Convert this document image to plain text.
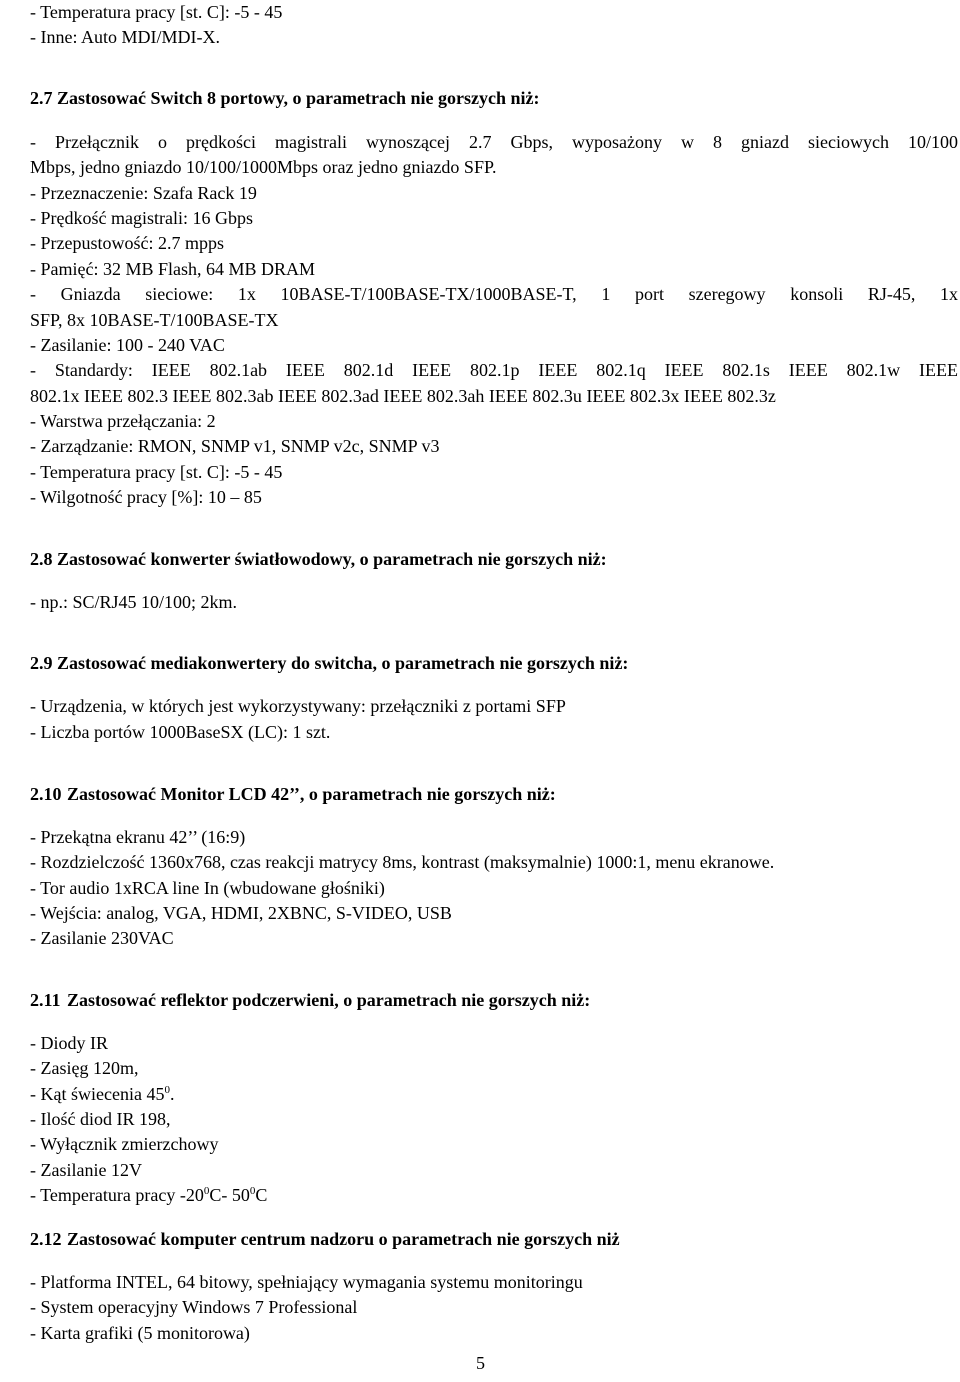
- Temperatura pracy [st. C]: -5 - 45
- Inne: Auto MDI/MDI-X.
2.7 Zastosować Switch 8 portowy, o parametrach nie gorszych niż:
- Przełącznik o prędkości magistrali wynoszącej 2.7 Gbps, wyposażony w 8 gniazd sieciowych 10/100
Mbps, jedno gniazdo 10/100/1000Mbps oraz jedno gniazdo SFP.
- Przeznaczenie: Szafa Rack 19
- Prędkość magistrali: 16 Gbps
- Przepustowość: 2.7 mpps
- Pamięć: 32 MB Flash, 64 MB DRAM
- Gniazda sieciowe: 1x 10BASE-T/100BASE-TX/1000BASE-T, 1 port szeregowy konsoli RJ-45, 1x
SFP, 8x 10BASE-T/100BASE-TX
- Zasilanie: 100 - 240 VAC
- Standardy: IEEE 802.1ab IEEE 802.1d IEEE 802.1p IEEE 802.1q IEEE 802.1s IEEE 802.1w IEEE
802.1x IEEE 802.3 IEEE 802.3ab IEEE 802.3ad IEEE 802.3ah IEEE 802.3u IEEE 802.3x IEEE 802.3z
- Warstwa przełączania: 2
- Zarządzanie: RMON, SNMP v1, SNMP v2c, SNMP v3
- Temperatura pracy [st. C]: -5 - 45
- Wilgotność pracy [%]: 10 – 85
2.8 Zastosować konwerter światłowodowy, o parametrach nie gorszych niż:
- np.: SC/RJ45 10/100; 2km.
2.9 Zastosować mediakonwertery do switcha, o parametrach nie gorszych niż:
- Urządzenia, w których jest wykorzystywany: przełączniki z portami SFP
- Liczba portów 1000BaseSX (LC): 1 szt.
2.10 Zastosować Monitor LCD 42’’, o parametrach nie gorszych niż:
- Przekątna ekranu 42’’ (16:9)
- Rozdzielczość 1360x768, czas reakcji matrycy 8ms, kontrast (maksymalnie) 1000:1, menu ekranowe.
- Tor audio 1xRCA line In (wbudowane głośniki)
- Wejścia: analog, VGA, HDMI, 2XBNC, S-VIDEO, USB
- Zasilanie 230VAC
2.11 Zastosować reflektor podczerwieni, o parametrach nie gorszych niż:
- Diody IR
- Zasięg 120m,
- Kąt świecenia $45^0$.
- Ilość diod IR 198,
- Wyłącznik zmierzchowy
- Zasilanie 12V
- Temperatura pracy $-20^0C-$ $50^0C$
2.12 Zastosować komputer centrum nadzoru o parametrach nie gorszych niż
- Platforma INTEL, 64 bitowy, spełniający wymagania systemu monitoringu
- System operacyjny Windows 7 Professional
- Karta grafiki (5 monitorowa)
5
